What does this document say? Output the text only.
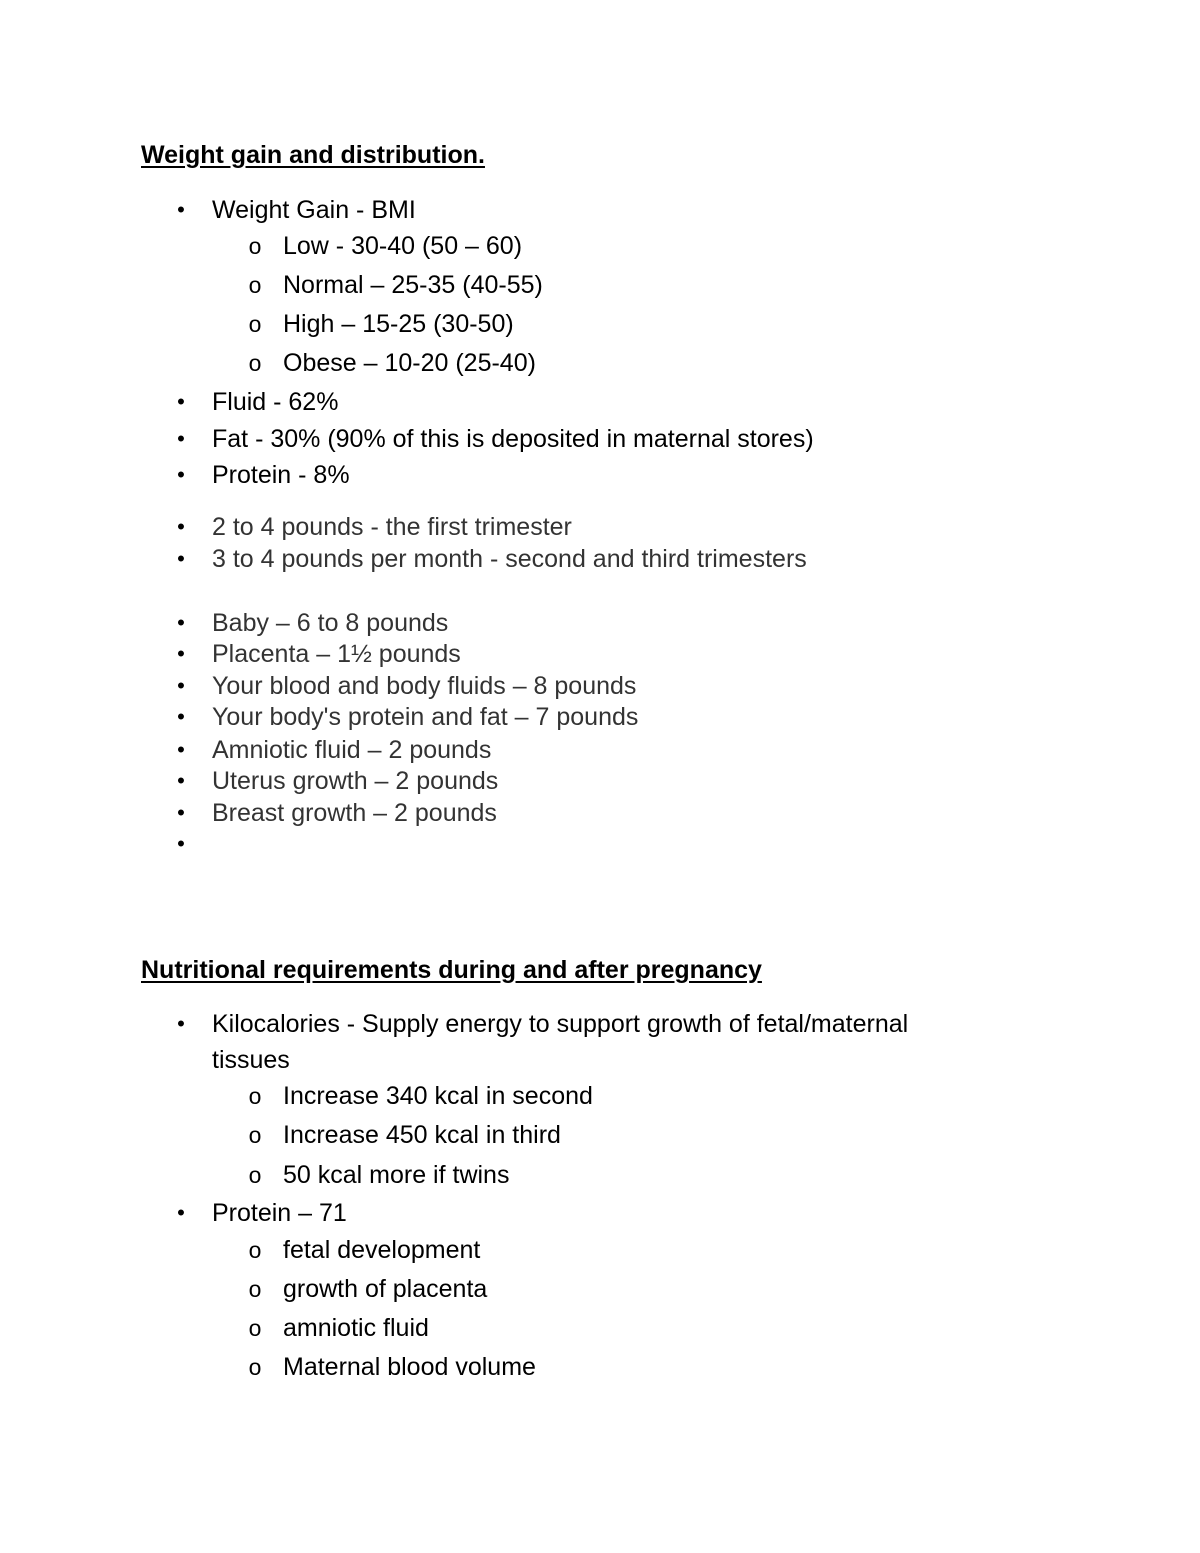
Weight gain and distribution.
• Weight Gain - BMI
o Low - 30-40 (50 – 60)
o Normal – 25-35 (40-55)
o High – 15-25 (30-50)
o Obese – 10-20 (25-40)
• Fluid - 62%
• Fat - 30% (90% of this is deposited in maternal stores)
• Protein - 8%
• 2 to 4 pounds - the first trimester
• 3 to 4 pounds per month - second and third trimesters
• Baby – 6 to 8 pounds
• Placenta – 1½ pounds
• Your blood and body fluids – 8 pounds
• Your body's protein and fat – 7 pounds
• Amniotic fluid – 2 pounds
• Uterus growth – 2 pounds
• Breast growth – 2 pounds
•
Nutritional requirements during and after pregnancy
• Kilocalories - Supply energy to support growth of fetal/maternal
tissues
o Increase 340 kcal in second
o Increase 450 kcal in third
o 50 kcal more if twins
• Protein – 71
o fetal development
o growth of placenta
o amniotic fluid
o Maternal blood volume
